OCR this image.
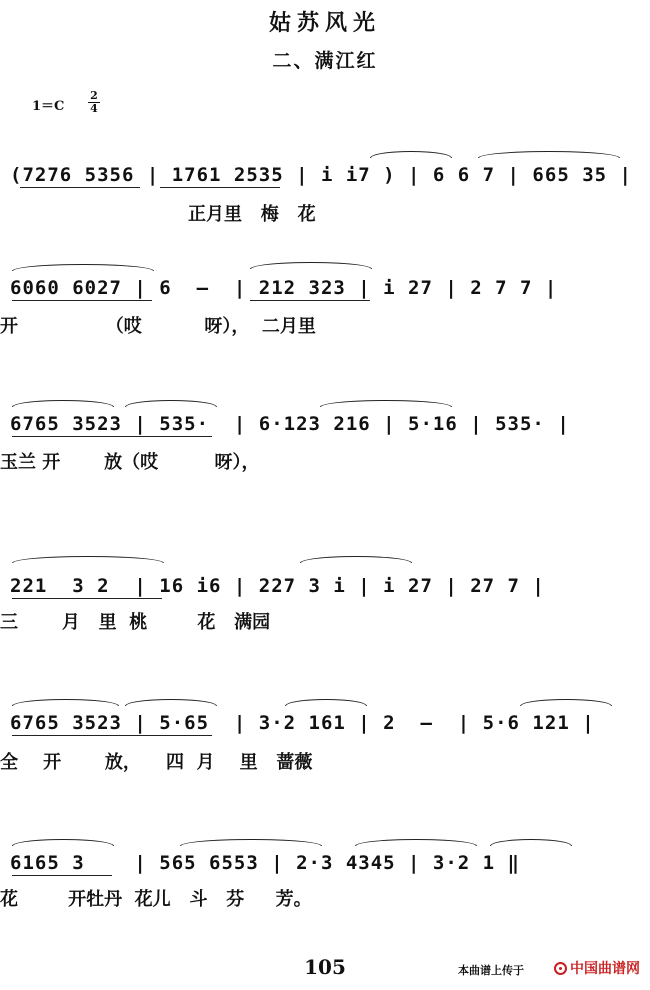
姑苏风光
二、满江红
1＝C
2
4
(7276 5356 | 1761 2535 | i i7 ) | 6 6 7 | 665 35 |
正月里   梅   花
6060 6027 | 6  —  | 212 323 | i 27 | 2 7 7 |
开              （哎          呀），  二月里
6765 3523 | 535·  | 6·123 216 | 5·16 | 535· |
玉兰 开       放（哎         呀），
221  3 2  | 16 i6 | 227 3 i | i 27 | 27 7 |
三       月   里  桃        花   满园
6765 3523 | 5·65  | 3·2 161 | 2  —  | 5·6 121 |
全    开       放，    四  月    里   蔷薇
6165 3    | 565 6553 | 2·3 4345 | 3·2 1 ‖
花        开牡丹  花儿   斗   芬     芳。
105	本曲谱上传于	中国曲谱网
